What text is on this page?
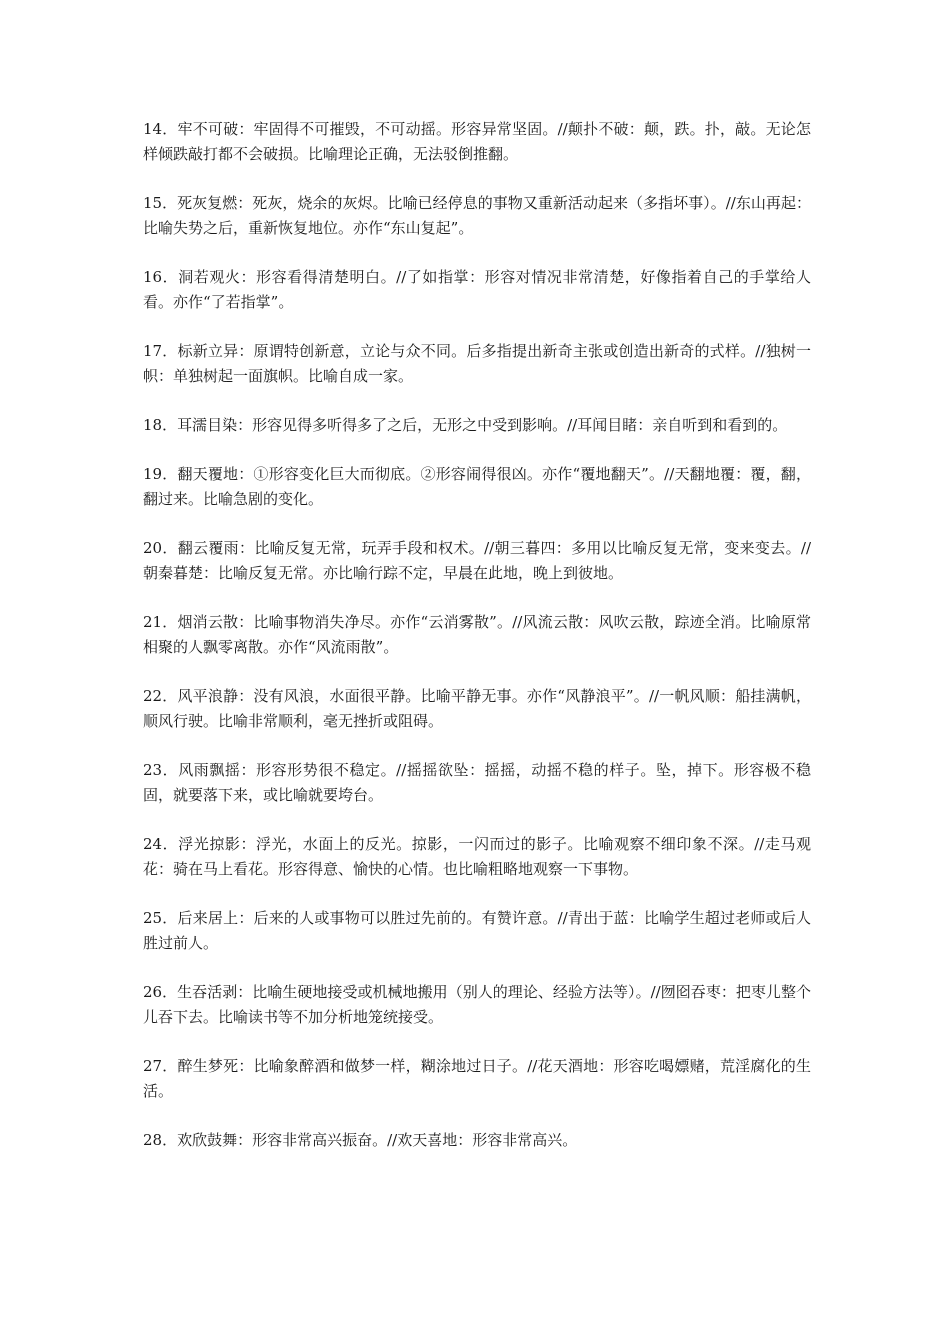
14．牢不可破：牢固得不可摧毁，不可动摇。形容异常坚固。//颠扑不破：颠，跌。扑，敲。无论怎样倾跌敲打都不会破损。比喻理论正确，无法驳倒推翻。

15．死灰复燃：死灰，烧余的灰烬。比喻已经停息的事物又重新活动起来（多指坏事）。//东山再起：比喻失势之后，重新恢复地位。亦作“东山复起”。

16．洞若观火：形容看得清楚明白。//了如指掌：形容对情况非常清楚，好像指着自己的手掌给人看。亦作“了若指掌”。

17．标新立异：原谓特创新意，立论与众不同。后多指提出新奇主张或创造出新奇的式样。//独树一帜：单独树起一面旗帜。比喻自成一家。

18．耳濡目染：形容见得多听得多了之后，无形之中受到影响。//耳闻目睹：亲自听到和看到的。

19．翻天覆地：①形容变化巨大而彻底。②形容闹得很凶。亦作“覆地翻天”。//天翻地覆：覆，翻，翻过来。比喻急剧的变化。

20．翻云覆雨：比喻反复无常，玩弄手段和权术。//朝三暮四：多用以比喻反复无常，变来变去。//朝秦暮楚：比喻反复无常。亦比喻行踪不定，早晨在此地，晚上到彼地。

21．烟消云散：比喻事物消失净尽。亦作“云消雾散”。//风流云散：风吹云散，踪迹全消。比喻原常相聚的人飘零离散。亦作“风流雨散”。

22．风平浪静：没有风浪，水面很平静。比喻平静无事。亦作“风静浪平”。//一帆风顺：船挂满帆，顺风行驶。比喻非常顺利，毫无挫折或阻碍。

23．风雨飘摇：形容形势很不稳定。//摇摇欲坠：摇摇，动摇不稳的样子。坠，掉下。形容极不稳固，就要落下来，或比喻就要垮台。

24．浮光掠影：浮光，水面上的反光。掠影，一闪而过的影子。比喻观察不细印象不深。//走马观花：骑在马上看花。形容得意、愉快的心情。也比喻粗略地观察一下事物。

25．后来居上：后来的人或事物可以胜过先前的。有赞许意。//青出于蓝：比喻学生超过老师或后人胜过前人。

26．生吞活剥：比喻生硬地接受或机械地搬用（别人的理论、经验方法等）。//囫囵吞枣：把枣儿整个儿吞下去。比喻读书等不加分析地笼统接受。

27．醉生梦死：比喻象醉酒和做梦一样，糊涂地过日子。//花天酒地：形容吃喝嫖赌，荒淫腐化的生活。

28．欢欣鼓舞：形容非常高兴振奋。//欢天喜地：形容非常高兴。
